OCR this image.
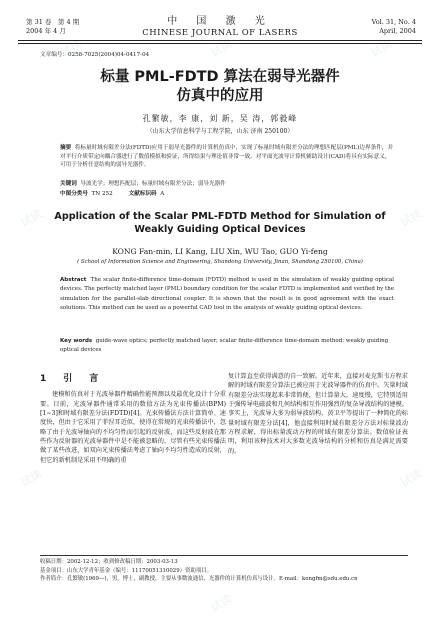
试读	试读	试读
试读	试读
试读	试读
试读
第 31 卷　第 4 期
2004 年 4 月
中 国 激 光
CHINESE JOURNAL OF LASERS
Vol. 31, No. 4
April, 2004
文章编号：0258-7025(2004)04-0417-04
标量 PML-FDTD 算法在弱导光器件
仿真中的应用
孔繁敏，李 康，刘 新，吴 涛，郭毅峰
（山东大学信息科学与工程学院，山东 济南 250100）
摘要 将标量时域有限差分法(FDTD)应用于弱导光器件的计算机仿真中，实现了标量时域有限差分法的理想匹配层(PML)边界条件，并对平行介质带定向耦合器进行了数值模拟和验证，所得结果与理论值非常一致。对平面光波导计算机辅助设计(CAD)将具有实际意义，可用于分析任意结构的弱导光器件。
关键词 导波光学；理想匹配层；标量时域有限差分法；弱导光器件
中图分类号 TN 252	文献标识码 A
Application of the Scalar PML-FDTD Method for Simulation of
Weakly Guiding Optical Devices
KONG Fan-min, LI Kang, LIU Xin, WU Tao, GUO Yi-feng
( School of Information Science and Engineering, Shandong University, Jinan, Shandong 250100, China)
Abstract The scalar finite-difference time-domain (FDTD) method is used in the simulation of weakly guiding optical devices. The perfectly matched layer (PML) boundary condition for the scalar FDTD is implemented and verified by the simulation for the parallel-slab directional coupler. It is shown that the result is in good agreement with the exact solutions. This method can be used as a powerful CAD tool in the analysis of weakly guiding optical devices.
Key words guide-wave optics; perfectly matched layer; scalar finite-difference time-domain method; weakly guiding optical devices
1　引　言

建模和仿真对于光波导器件精确性能预测以及最优化设计十分重要。目前，光波导器件通常采用的数值方法为光束传播法(BPM)[1~3]和时域有限差分法(FDTD)[4]。光束传播法方法计算简单、速度快，但由于它采用了菲涅耳近似，使得在常规的光束传播法中，忽略了由于光波导轴向的不均匀性而引起的反射波，而这些反射波在那些作为反射器的光波导器件中是不能被忽略的。尽管有些光束传播法做了某些改进，如双向光束传播法考虑了轴向不均匀性造成的反射，但它的新机制是采用不明确的重

复计算直至获得满意的自一致解。近年来，直接对麦克斯韦方程求解的时域有限差分算法已被应用于光波导器件的仿真中。矢量时域有限差分法实现起来非常简便，但计算量大，速度慢，它特别适用于强传导电磁波和几何结构相互作用强烈的复杂导波结构的建模。事实上，光波导大多为弱导波结构，黄卫平等提出了一种简化的标量时域有限差分法[4]，他直接利用时域有限差分方法对标量波动方程求解，得出标量波动方程的时域有限差分算法。数值验证表明，利用该种技术对大多数光波导结构的分析和仿真是满足需要的。

收稿日期：2002-12-12；收到修改稿日期：2003-03-13
基金项目：山东大学青年基金（编号：11170051310029）资助项目。
作者简介：孔繁敏(1969—)，男，博士，副教授，主要从事微波通信、光器件的计算机仿真与设计。E-mail：kongfm@sdu.edu.cn
